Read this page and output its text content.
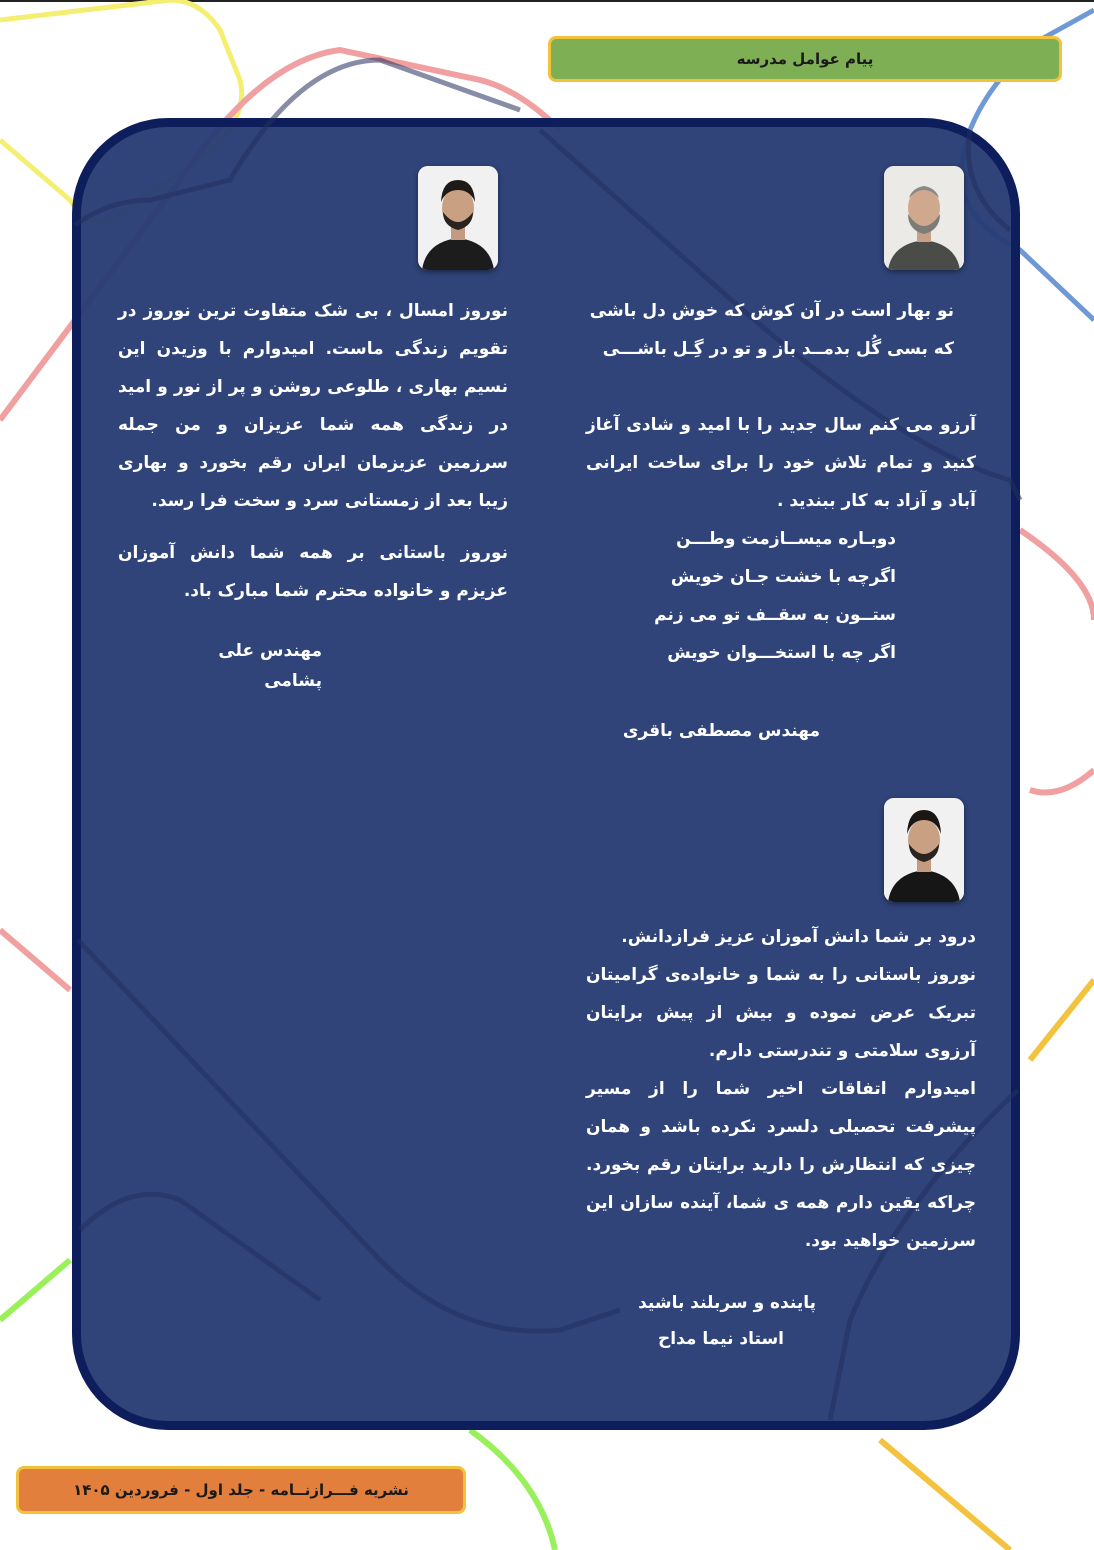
پیام عوامل مدرسه

نوروز امسال ، بی شک متفاوت ترین نوروز در تقویم زندگی ماست. امیدوارم با وزیدن این نسیم بهاری ، طلوعی روشن و پر از نور و امید در زندگی همه شما عزیزان و من جمله سرزمین عزیزمان ایران رقم بخورد و بهاری زیبا بعد از زمستانی سرد و سخت فرا رسد.

نوروز باستانی بر همه شما دانش آموزان عزیزم و خانواده محترم شما مبارک باد.

مهندس علی پشامی

نو بهار است در آن کوش که خوش دل باشی

که بسی گُل بدمــد باز و تو در گِـل باشـــی

آرزو می کنم سال جدید را با امید و شادی آغاز کنید و تمام تلاش خود را برای ساخت ایرانی آباد و آزاد به کار ببندید .

دوبـاره میســازمت وطـــن

اگرچه با خشت جـان خویش

ستــون به سقــف تو می زنم

اگر چه با استخـــوان خویش

مهندس مصطفی باقری

درود بر شما دانش آموزان عزیز فرازدانش.

نوروز باستانی را به شما و خانواده‌ی گرامیتان تبریک عرض نموده و بیش از پیش برایتان آرزوی سلامتی و تندرستی دارم.

امیدوارم اتفاقات اخیر شما را از مسیر پیشرفت تحصیلی دلسرد نکرده باشد و همان چیزی که انتظارش را دارید برایتان رقم بخورد. چراکه یقین دارم همه ی شما، آینده سازان این سرزمین خواهید بود.

پاینده و سربلند باشید
استاد نیما مداح
نشریه فـــرازنــامه - جلد اول - فروردین ۱۴۰۵
